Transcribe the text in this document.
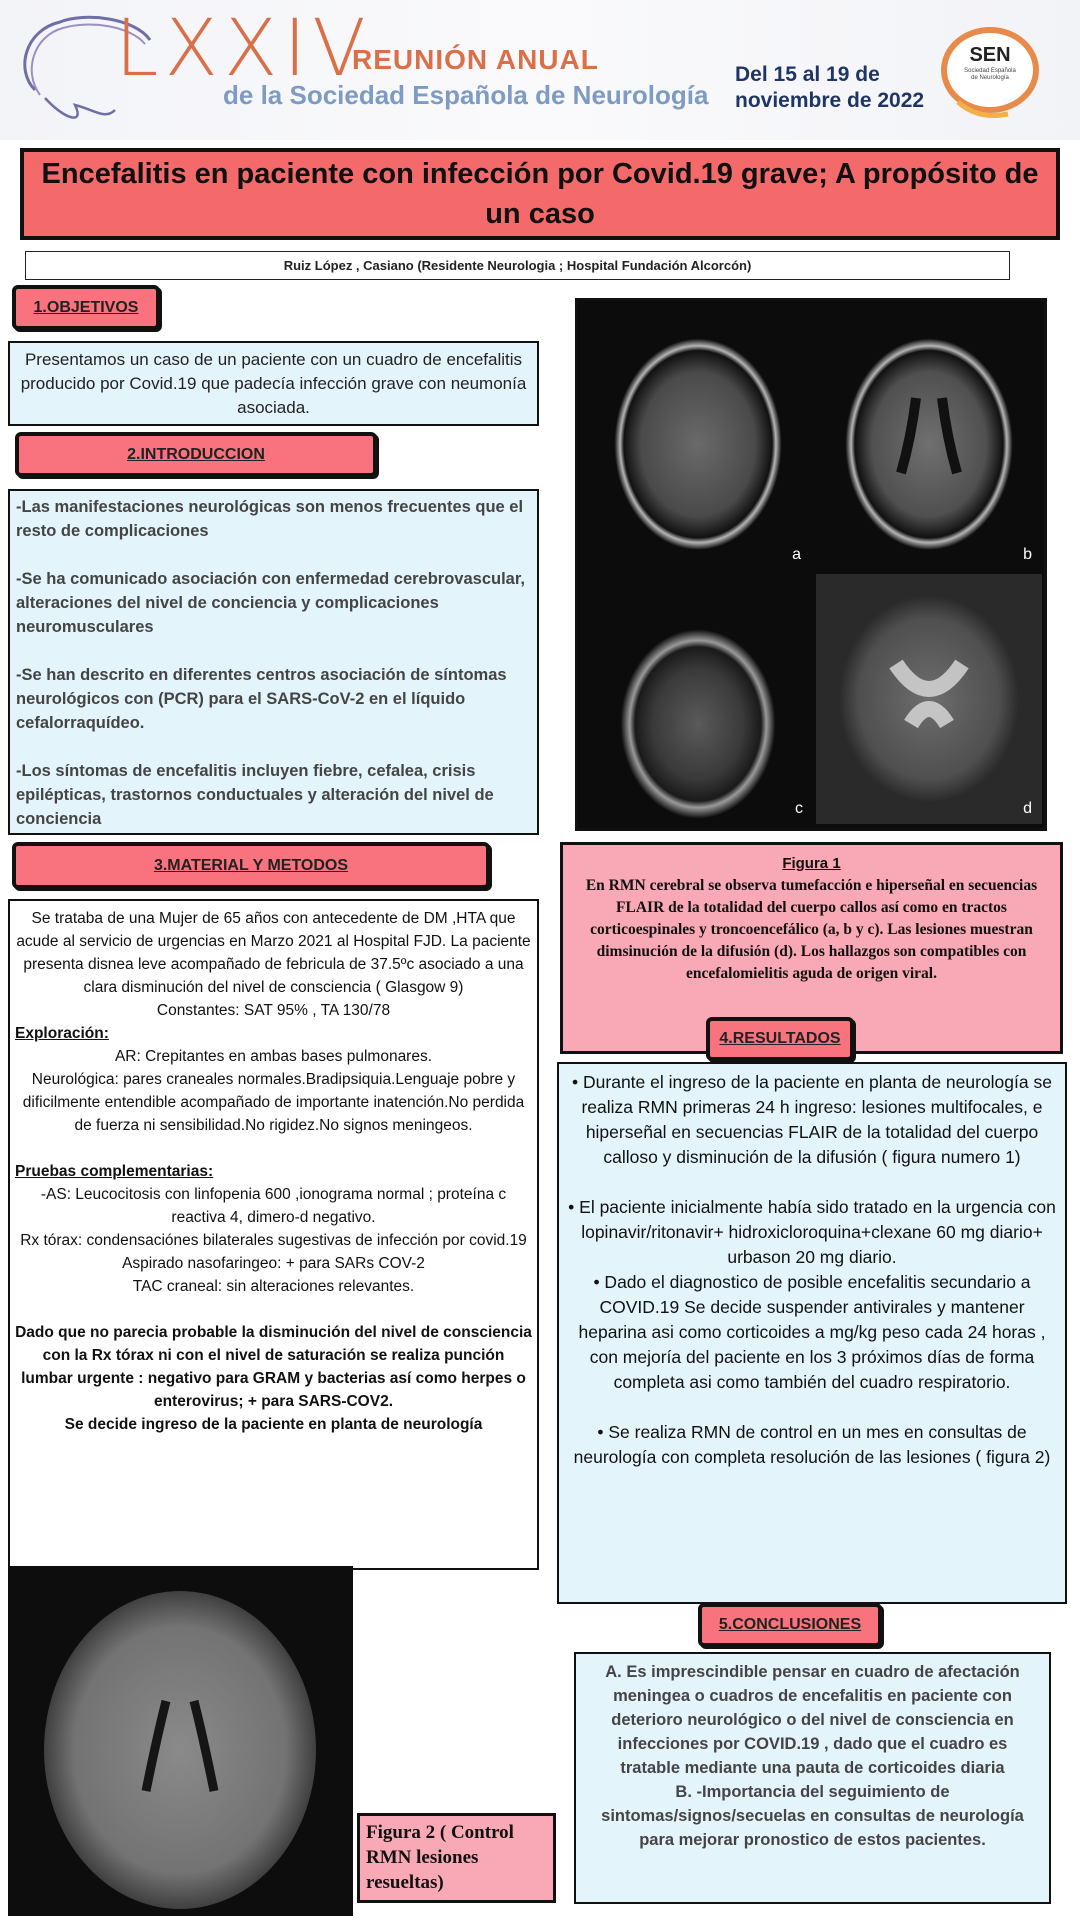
LXXIV
REUNIÓN ANUAL
de la Sociedad Española de Neurología
Del 15 al 19 de
noviembre de 2022
SEN
Sociedad Española de Neurología
Encefalitis en paciente con infección por Covid.19 grave; A propósito de un caso
Ruiz López , Casiano (Residente Neurologia ; Hospital Fundación Alcorcón)
1.OBJETIVOS

Presentamos un caso de un paciente con un cuadro de encefalitis producido por Covid.19 que padecía infección grave con neumonía asociada.

2.INTRODUCCION

-Las manifestaciones neurológicas son menos frecuentes que el resto de complicaciones

-Se ha comunicado asociación con enfermedad cerebrovascular, alteraciones del nivel de conciencia y complicaciones neuromusculares

-Se han descrito en diferentes centros asociación de síntomas neurológicos con (PCR) para el SARS-CoV-2 en el líquido cefalorraquídeo.

-Los síntomas de encefalitis incluyen fiebre, cefalea, crisis epilépticas, trastornos conductuales y alteración del nivel de conciencia

3.MATERIAL Y METODOS

Se trataba de una Mujer de 65 años con antecedente de DM ,HTA que acude al servicio de urgencias en Marzo 2021 al Hospital FJD. La paciente presenta disnea leve acompañado de febricula de 37.5ºc asociado a una clara disminución del nivel de consciencia ( Glasgow 9)

Constantes: SAT 95% , TA 130/78

Exploración:

AR: Crepitantes en ambas bases pulmonares.

Neurológica: pares craneales normales.Bradipsiquia.Lenguaje pobre y dificilmente entendible acompañado de importante inatención.No perdida de fuerza ni sensibilidad.No rigidez.No signos meningeos.

Pruebas complementarias:

-AS: Leucocitosis con linfopenia 600 ,ionograma normal ; proteína c reactiva 4, dimero-d negativo.

Rx tórax: condensaciónes bilaterales sugestivas de infección por covid.19

Aspirado nasofaringeo: + para SARs COV-2

TAC craneal: sin alteraciones relevantes.

Dado que no parecia probable la disminución del nivel de consciencia con la Rx tórax ni con el nivel de saturación se realiza punción lumbar urgente : negativo para GRAM y bacterias así como herpes o enterovirus; + para SARS-COV2.

Se decide ingreso de la paciente en planta de neurología

a	b
c	d

Figura 1

En RMN cerebral se observa tumefacción e hiperseñal en secuencias FLAIR de la totalidad del cuerpo callos así como en tractos corticoespinales y troncoencefálico (a, b y c). Las lesiones muestran dimsinución de la difusión (d). Los hallazgos son compatibles con encefalomielitis aguda de origen viral.

4.RESULTADOS

• Durante el ingreso de la paciente en planta de neurología se realiza RMN primeras 24 h ingreso: lesiones multifocales, e hiperseñal en secuencias FLAIR de la totalidad del cuerpo calloso y disminución de la difusión ( figura numero 1)

• El paciente inicialmente había sido tratado en la urgencia con lopinavir/ritonavir+ hidroxicloroquina+clexane 60 mg diario+ urbason 20 mg diario.

• Dado el diagnostico de posible encefalitis secundario a COVID.19 Se decide suspender antivirales y mantener heparina asi como corticoides a mg/kg peso cada 24 horas , con mejoría del paciente en los 3 próximos días de forma completa asi como también del cuadro respiratorio.

• Se realiza RMN de control en un mes en consultas de neurología con completa resolución de las lesiones ( figura 2)

Figura 2 ( Control RMN lesiones resueltas)
5.CONCLUSIONES

A. Es imprescindible pensar en cuadro de afectación meningea o cuadros de encefalitis en paciente con deterioro neurológico o del nivel de consciencia en infecciones por COVID.19 , dado que el cuadro es tratable mediante una pauta de corticoides diaria

B. -Importancia del seguimiento de sintomas/signos/secuelas en consultas de neurología para mejorar pronostico de estos pacientes.
